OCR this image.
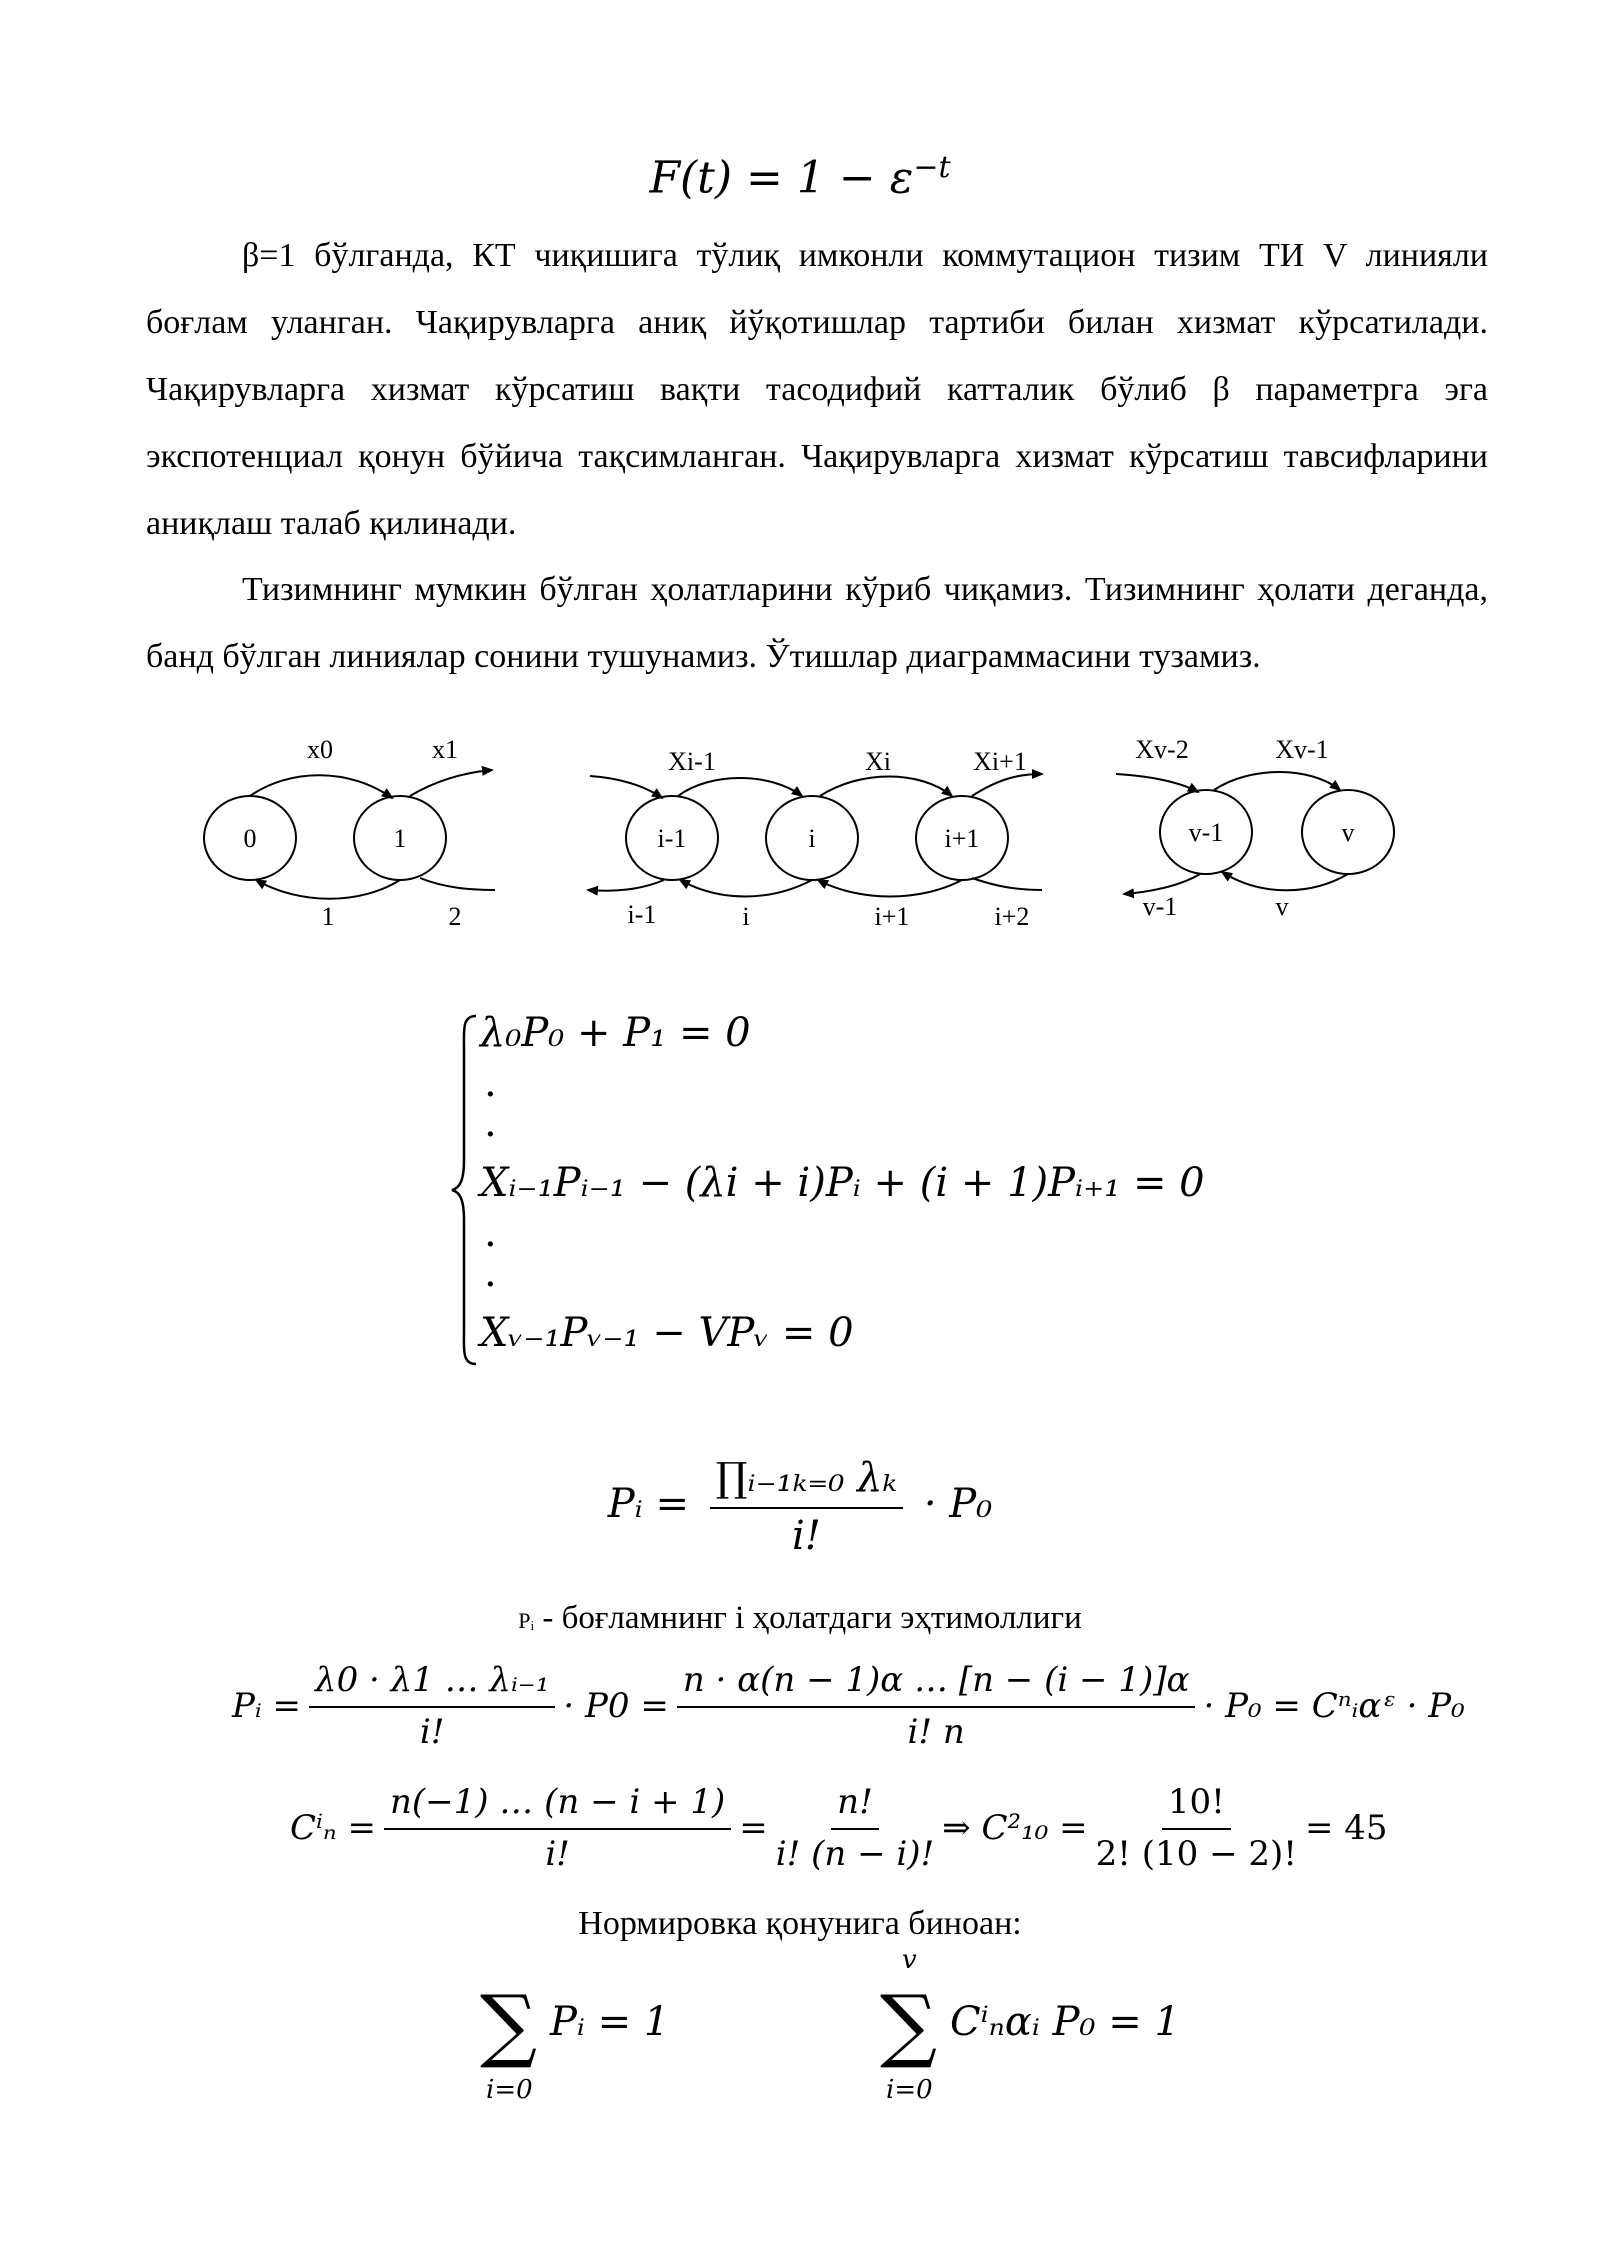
$F(t) = 1 - \varepsilon^{-t}$
β=1 бўлганда, КТ чиқишига тўлиқ имконли коммутацион тизим ТИ V линияли боғлам уланган. Чақирувларга аниқ йўқотишлар тартиби билан хизмат кўрсатилади. Чақирувларга хизмат кўрсатиш вақти тасодифий катталик бўлиб β параметрга эга экспотенциал қонун бўйича тақсимланган. Чақирувларга хизмат кўрсатиш тавсифларини аниқлаш талаб қилинади.
Тизимнинг мумкин бўлган ҳолатларини кўриб чиқамиз. Тизимнинг ҳолати деганда, банд бўлган линиялар сонини тушунамиз. Ўтишлар диаграммасини тузамиз.
0	1	i-1	i	i+1	v-1	v
x0	x1	Xi-1	Xi	Xi+1	Xv-2	Xv-1
1	2	i-1	i	i+1	i+2	v-1	v
λ₀P₀ + P₁ = 0
.
.
Xᵢ₋₁Pᵢ₋₁ − (λi + i)Pᵢ + (i + 1)Pᵢ₊₁ = 0
.
.
Xᵥ₋₁Pᵥ₋₁ − VPᵥ = 0
Pᵢ = $\frac{\text{∏ᵢ₋₁ₖ₌₀ λₖ}}{i!} \cdot P_0$
Pᵢ - боғламнинг i ҳолатдаги эҳтимоллиги
Pᵢ = $\frac{\text{λ0 · λ1 … λᵢ₋₁}}{i!} \cdot P0 = \frac{n \cdot \alpha(n - 1)\alpha \dots [n - (i - 1)]\alpha}{i! n} \cdot P_0$ = Cⁿᵢαᵋ · P₀
$C^i_n = \frac{n(-1) \dots (n - i + 1)}{i!} = \frac{n!}{i! (n - i)!}$ ⇒ $C^2_{10} = \frac{10!}{2! (10 - 2)!} = 45$
Нормировка қонунига биноан:
∑
i=0
Pᵢ = 1
v
∑
i=0
Cⁱₙαᵢ P₀ = 1
